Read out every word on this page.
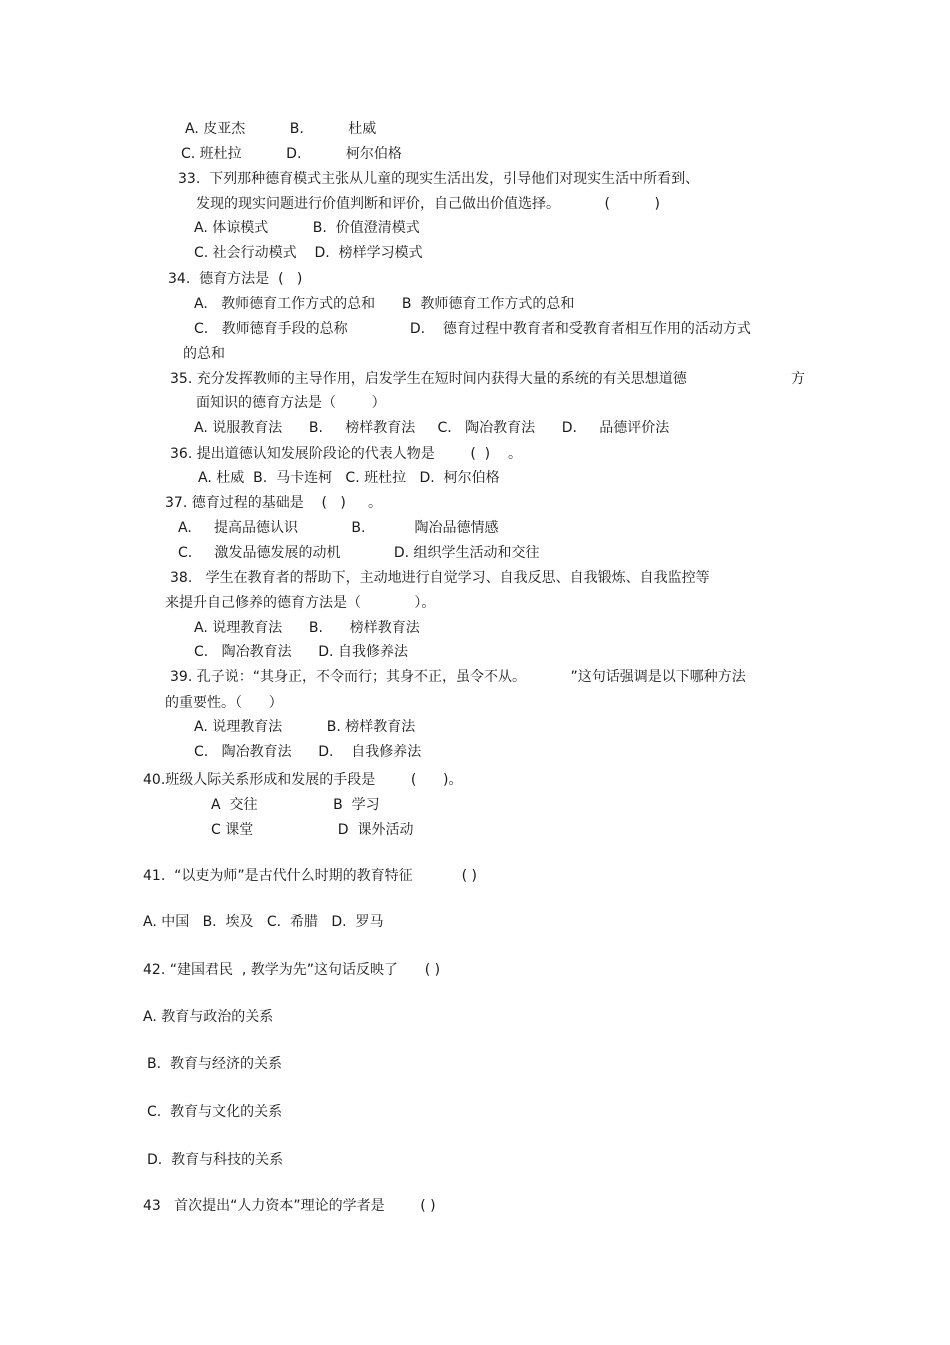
A. 皮亚杰          B.          杜威
C. 班杜拉          D.          柯尔伯格
33.  下列那种德育模式主张从儿童的现实生活出发，引导他们对现实生活中所看到、
发现的现实问题进行价值判断和评价，自己做出价值选择。          (          )
A. 体谅模式          B.  价值澄清模式
C. 社会行动模式    D.  榜样学习模式
34.  德育方法是  (   )
A.   教师德育工作方式的总和      B  教师德育工作方式的总和
C.   教师德育手段的总称              D.    德育过程中教育者和受教育者相互作用的活动方式
的总和
35. 充分发挥教师的主导作用，启发学生在短时间内获得大量的系统的有关思想道德	方
面知识的德育方法是（        ）
A. 说服教育法      B.     榜样教育法     C.   陶冶教育法      D.     品德评价法
36. 提出道德认知发展阶段论的代表人物是        (  )    。
A. 杜威  B.  马卡连柯   C. 班杜拉   D.  柯尔伯格
37. 德育过程的基础是    (   )     。
A.     提高品德认识            B.           陶冶品德情感
C.     激发品德发展的动机            D. 组织学生活动和交往
38.   学生在教育者的帮助下，主动地进行自觉学习、自我反思、自我锻炼、自我监控等
来提升自己修养的德育方法是（            ）。
A. 说理教育法      B.      榜样教育法
C.   陶冶教育法      D. 自我修养法
39. 孔子说：“其身正，不令而行；其身不正，虽令不从。          ”这句话强调是以下哪种方法
的重要性。（      ）
A. 说理教育法          B. 榜样教育法
C.   陶冶教育法      D.    自我修养法
40.班级人际关系形成和发展的手段是        (      )。
A  交往                 B  学习
C 课堂                   D  课外活动
41.  “以吏为师”是古代什么时期的教育特征           ( )
A. 中国   B.  埃及   C.  希腊   D.  罗马
42. “建国君民  , 教学为先”这句话反映了      ( )
A. 教育与政治的关系
B.  教育与经济的关系
C.  教育与文化的关系
D.  教育与科技的关系
43   首次提出“人力资本”理论的学者是        ( )
